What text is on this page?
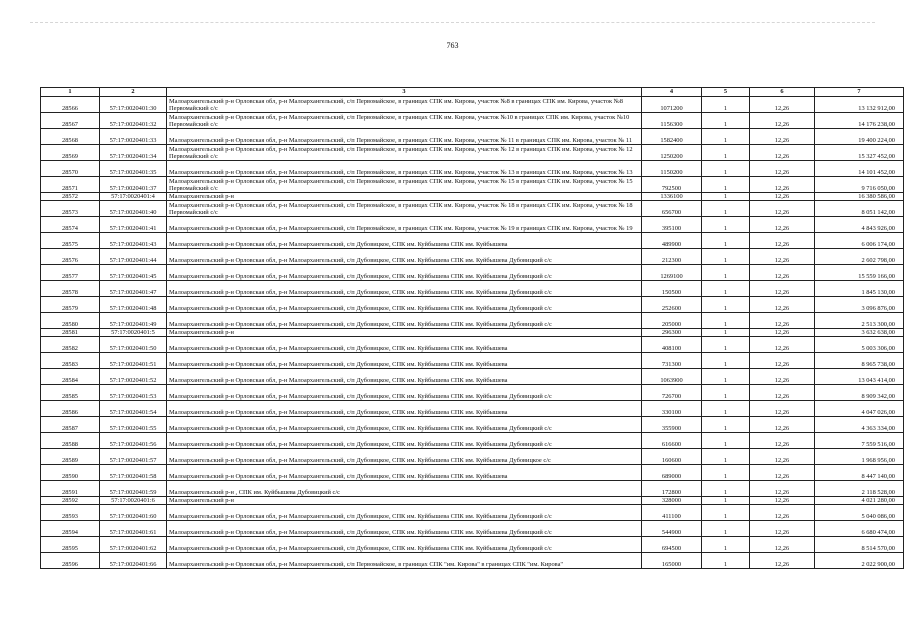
763
1	2	3	4	5	6	7
28566	57:17:0020401:30	Малоархангельский р-н Орловская обл, р-н Малоархангельский, с/п Первомайское, в границах СПК им. Кирова, участок №8 в границах СПК им. Кирова, участок №8 Первомайский с/с	1071200	1	12,26	13 132 912,00
28567	57:17:0020401:32	Малоархангельский р-н Орловская обл, р-н Малоархангельский, с/п Первомайское, в границах СПК им. Кирова, участок №10 в границах СПК им. Кирова, участок №10 Первомайский с/с	1156300	1	12,26	14 176 238,00
28568	57:17:0020401:33	Малоархангельский р-н Орловская обл, р-н Малоархангельский, с/п Первомайское, в границах СПК им. Кирова, участок № 11 в границах СПК им. Кирова, участок № 11	1582400	1	12,26	19 400 224,00
28569	57:17:0020401:34	Малоархангельский р-н Орловская обл, р-н Малоархангельский, с/п Первомайское, в границах СПК им. Кирова, участок № 12 в границах СПК им. Кирова, участок № 12 Первомайский с/с	1250200	1	12,26	15 327 452,00
28570	57:17:0020401:35	Малоархангельский р-н Орловская обл, р-н Малоархангельский, с/п Первомайское, в границах СПК им. Кирова, участок № 13 в границах СПК им. Кирова, участок № 13	1150200	1	12,26	14 101 452,00
28571	57:17:0020401:37	Малоархангельский р-н Орловская обл, р-н Малоархангельский, с/п Первомайское, в границах СПК им. Кирова, участок № 15 в границах СПК им. Кирова, участок № 15 Первомайский с/с	792500	1	12,26	9 716 050,00
28572	57:17:0020401:4	Малоархангельский р-н	1336100	1	12,26	16 380 586,00
28573	57:17:0020401:40	Малоархангельский р-н Орловская обл, р-н Малоархангельский, с/п Первомайское, в границах СПК им. Кирова, участок № 18 в границах СПК им. Кирова, участок № 18 Первомайский с/с	656700	1	12,26	8 051 142,00
28574	57:17:0020401:41	Малоархангельский р-н Орловская обл, р-н Малоархангельский, с/п Первомайское, в границах СПК им. Кирова, участок № 19 в границах СПК им. Кирова, участок № 19	395100	1	12,26	4 843 926,00
28575	57:17:0020401:43	Малоархангельский р-н Орловская обл, р-н Малоархангельский, с/п Дубовицкое, СПК им. Куйбышева СПК им. Куйбышева	489900	1	12,26	6 006 174,00
28576	57:17:0020401:44	Малоархангельский р-н Орловская обл, р-н Малоархангельский, с/п Дубовицкое, СПК им. Куйбышева СПК им. Куйбышева Дубовицкий с/с	212300	1	12,26	2 602 798,00
28577	57:17:0020401:45	Малоархангельский р-н Орловская обл, р-н Малоархангельский, с/п Дубовицкое, СПК им. Куйбышева СПК им. Куйбышева Дубовицкий с/с	1269100	1	12,26	15 559 166,00
28578	57:17:0020401:47	Малоархангельский р-н Орловская обл, р-н Малоархангельский, с/п Дубовицкое, СПК им. Куйбышева СПК им. Куйбышева Дубовицкий с/с	150500	1	12,26	1 845 130,00
28579	57:17:0020401:48	Малоархангельский р-н Орловская обл, р-н Малоархангельский, с/п Дубовицкое, СПК им. Куйбышева СПК им. Куйбышева Дубовицкий с/с	252600	1	12,26	3 096 876,00
28580	57:17:0020401:49	Малоархангельский р-н Орловская обл, р-н Малоархангельский, с/п Дубовицкое, СПК им. Куйбышева СПК им. Куйбышева Дубовицкий с/с	205000	1	12,26	2 513 300,00
28581	57:17:0020401:5	Малоархангельский р-н	296300	1	12,26	3 632 638,00
28582	57:17:0020401:50	Малоархангельский р-н Орловская обл, р-н Малоархангельский, с/п Дубовицкое, СПК им. Куйбышева СПК им. Куйбышева	408100	1	12,26	5 003 306,00
28583	57:17:0020401:51	Малоархангельский р-н Орловская обл, р-н Малоархангельский, с/п Дубовицкое, СПК им. Куйбышева СПК им. Куйбышева	731300	1	12,26	8 965 738,00
28584	57:17:0020401:52	Малоархангельский р-н Орловская обл, р-н Малоархангельский, с/п Дубовицкое, СПК им. Куйбышева СПК им. Куйбышева	1063900	1	12,26	13 043 414,00
28585	57:17:0020401:53	Малоархангельский р-н Орловская обл, р-н Малоархангельский, с/п Дубовицкое, СПК им. Куйбышева СПК им. Куйбышева Дубовицкий с/с	726700	1	12,26	8 909 342,00
28586	57:17:0020401:54	Малоархангельский р-н Орловская обл, р-н Малоархангельский, с/п Дубовицкое, СПК им. Куйбышева СПК им. Куйбышева	330100	1	12,26	4 047 026,00
28587	57:17:0020401:55	Малоархангельский р-н Орловская обл, р-н Малоархангельский, с/п Дубовицкое, СПК им. Куйбышева СПК им. Куйбышева Дубовицкий с/с	355900	1	12,26	4 363 334,00
28588	57:17:0020401:56	Малоархангельский р-н Орловская обл, р-н Малоархангельский, с/п Дубовицкое, СПК им. Куйбышева СПК им. Куйбышева Дубовицкий с/с	616600	1	12,26	7 559 516,00
28589	57:17:0020401:57	Малоархангельский р-н Орловская обл, р-н Малоархангельский, с/п Дубовицкое, СПК им. Куйбышева СПК им. Куйбышева Дубовицкое с/с	160600	1	12,26	1 968 956,00
28590	57:17:0020401:58	Малоархангельский р-н Орловская обл, р-н Малоархангельский, с/п Дубовицкое, СПК им. Куйбышева СПК им. Куйбышева	689000	1	12,26	8 447 140,00
28591	57:17:0020401:59	Малоархангельский р-н , СПК им. Куйбышева Дубовицкий с/с	172800	1	12,26	2 118 528,00
28592	57:17:0020401:6	Малоархангельский р-н	328000	1	12,26	4 021 280,00
28593	57:17:0020401:60	Малоархангельский р-н Орловская обл, р-н Малоархангельский, с/п Дубовицкое, СПК им. Куйбышева СПК им. Куйбышева Дубовицкий с/с	411100	1	12,26	5 040 086,00
28594	57:17:0020401:61	Малоархангельский р-н Орловская обл, р-н Малоархангельский, с/п Дубовицкое, СПК им. Куйбышева СПК им. Куйбышева Дубовицкий с/с	544900	1	12,26	6 680 474,00
28595	57:17:0020401:62	Малоархангельский р-н Орловская обл, р-н Малоархангельский, с/п Дубовицкое, СПК им. Куйбышева СПК им. Куйбышева Дубовицкий с/с	694500	1	12,26	8 514 570,00
28596	57:17:0020401:66	Малоархангельский р-н Орловская обл, р-н Малоархангельский, с/п Первомайское, в границах СПК "им. Кирова" в границах СПК "им. Кирова"	165000	1	12,26	2 022 900,00
